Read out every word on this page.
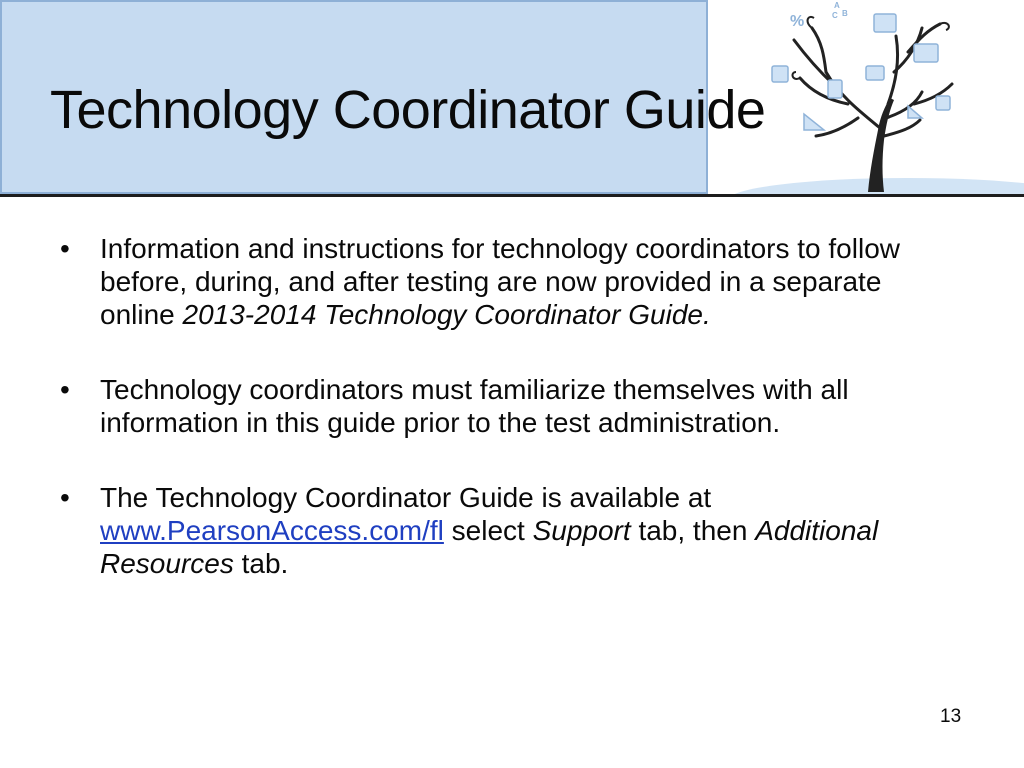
Technology Coordinator Guide
%
A
C B
• Information and instructions for technology coordinators to follow before, during, and after testing are now provided in a separate online 2013-2014 Technology Coordinator Guide.
• Technology coordinators must familiarize themselves with all information in this guide prior to the test administration.
• The Technology Coordinator Guide is available at www.PearsonAccess.com/fl select Support tab, then Additional Resources tab.
13
